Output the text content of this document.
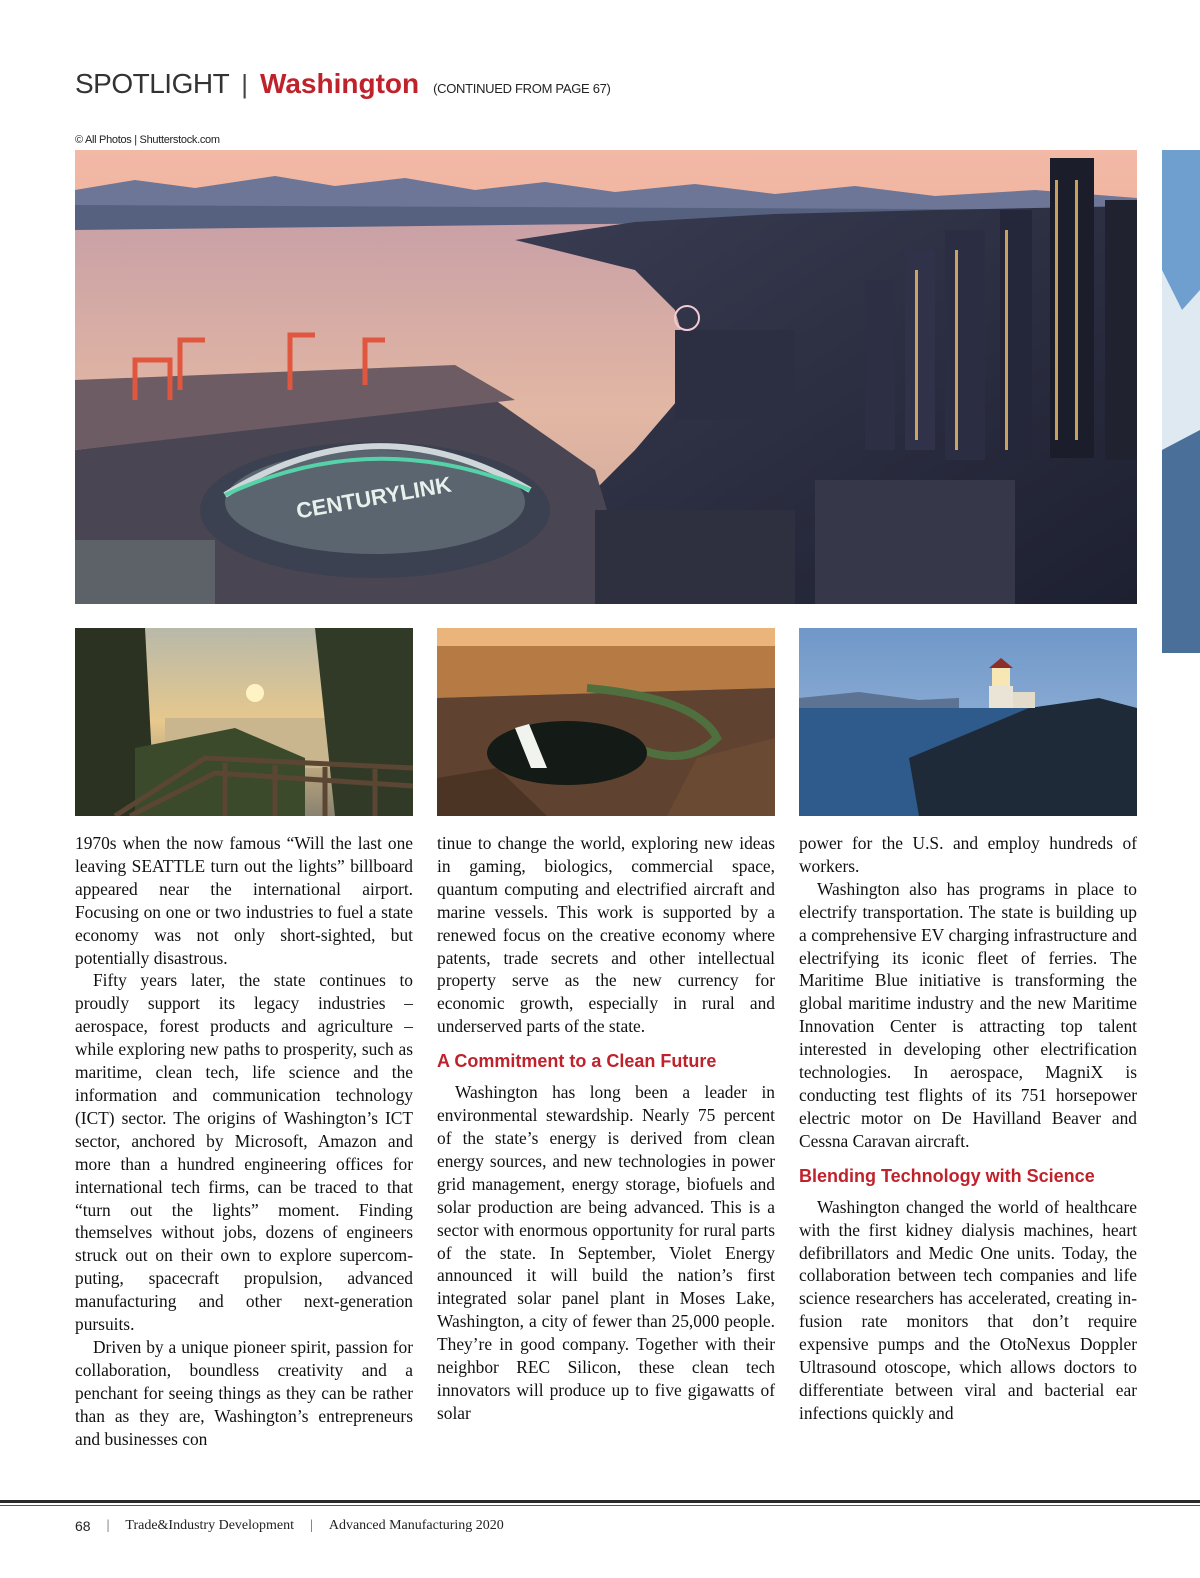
SPOTLIGHT | Washington (CONTINUED FROM PAGE 67)
© All Photos | Shutterstock.com
CENTURYLINK

1970s when the now famous “Will the last one leaving SEATTLE turn out the lights” billboard appeared near the international airport. Focusing on one or two industries to fuel a state economy was not only short-sighted, but potentially disastrous.

Fifty years later, the state continues to proudly support its legacy industries – aerospace, forest products and agriculture – while exploring new paths to prosperity, such as maritime, clean tech, life science and the information and communication technology (ICT) sector. The origins of Washington’s ICT sector, anchored by Microsoft, Amazon and more than a hundred engineering offices for international tech firms, can be traced to that “turn out the lights” moment. Finding themselves without jobs, dozens of engineers struck out on their own to explore supercomputing, spacecraft propulsion, advanced manufacturing and other next-generation pursuits.

Driven by a unique pioneer spirit, passion for collaboration, boundless creativity and a penchant for seeing things as they can be rather than as they are, Washington’s entrepreneurs and businesses con

tinue to change the world, exploring new ideas in gaming, biologics, commercial space, quantum computing and electrified aircraft and marine vessels. This work is supported by a renewed focus on the creative economy where patents, trade secrets and other intellectual property serve as the new currency for economic growth, especially in rural and underserved parts of the state.

A Commitment to a Clean Future

Washington has long been a leader in environmental stewardship. Nearly 75 percent of the state’s energy is derived from clean energy sources, and new technologies in power grid management, energy storage, biofuels and solar production are being advanced. This is a sector with enormous opportunity for rural parts of the state. In September, Violet Energy announced it will build the nation’s first integrated solar panel plant in Moses Lake, Washington, a city of fewer than 25,000 people. They’re in good company. Together with their neighbor REC Silicon, these clean tech innovators will produce up to five gigawatts of solar

power for the U.S. and employ hundreds of workers.

Washington also has programs in place to electrify transportation. The state is building up a comprehensive EV charging infrastructure and electrifying its iconic fleet of ferries. The Maritime Blue initiative is transforming the global maritime industry and the new Maritime Innovation Center is attracting top talent interested in developing other electrification technologies. In aerospace, MagniX is conducting test flights of its 751 horsepower electric motor on De Havilland Beaver and Cessna Caravan aircraft.

Blending Technology with Science

Washington changed the world of healthcare with the first kidney dialysis machines, heart defibrillators and Medic One units. Today, the collaboration between tech companies and life science researchers has accelerated, creating infusion rate monitors that don’t require expensive pumps and the OtoNexus Doppler Ultrasound otoscope, which allows doctors to differentiate between viral and bacterial ear infections quickly and

68 | Trade&Industry Development | Advanced Manufacturing 2020
